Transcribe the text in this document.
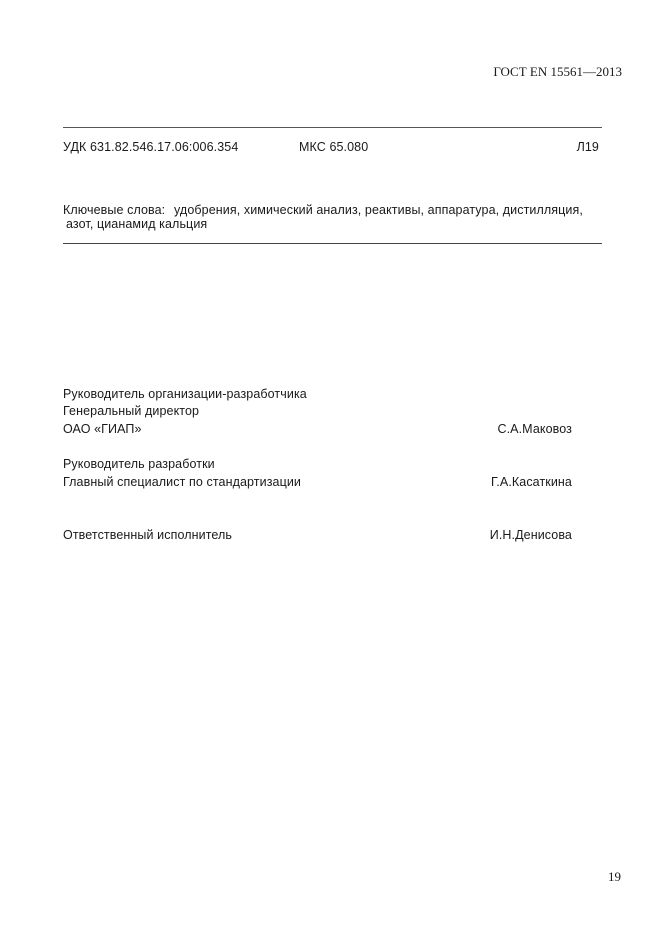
ГОСТ EN 15561—2013
УДК 631.82.546.17.06:006.354	МКС 65.080	Л19
Ключевые слова: удобрения, химический анализ, реактивы, аппаратура, дистилляция,
азот, цианамид кальция
Руководитель организации-разработчика
Генеральный директор
ОАО «ГИАП»	С.А.Маковоз
Руководитель разработки
Главный специалист по стандартизации	Г.А.Касаткина
Ответственный исполнитель	И.Н.Денисова
19
